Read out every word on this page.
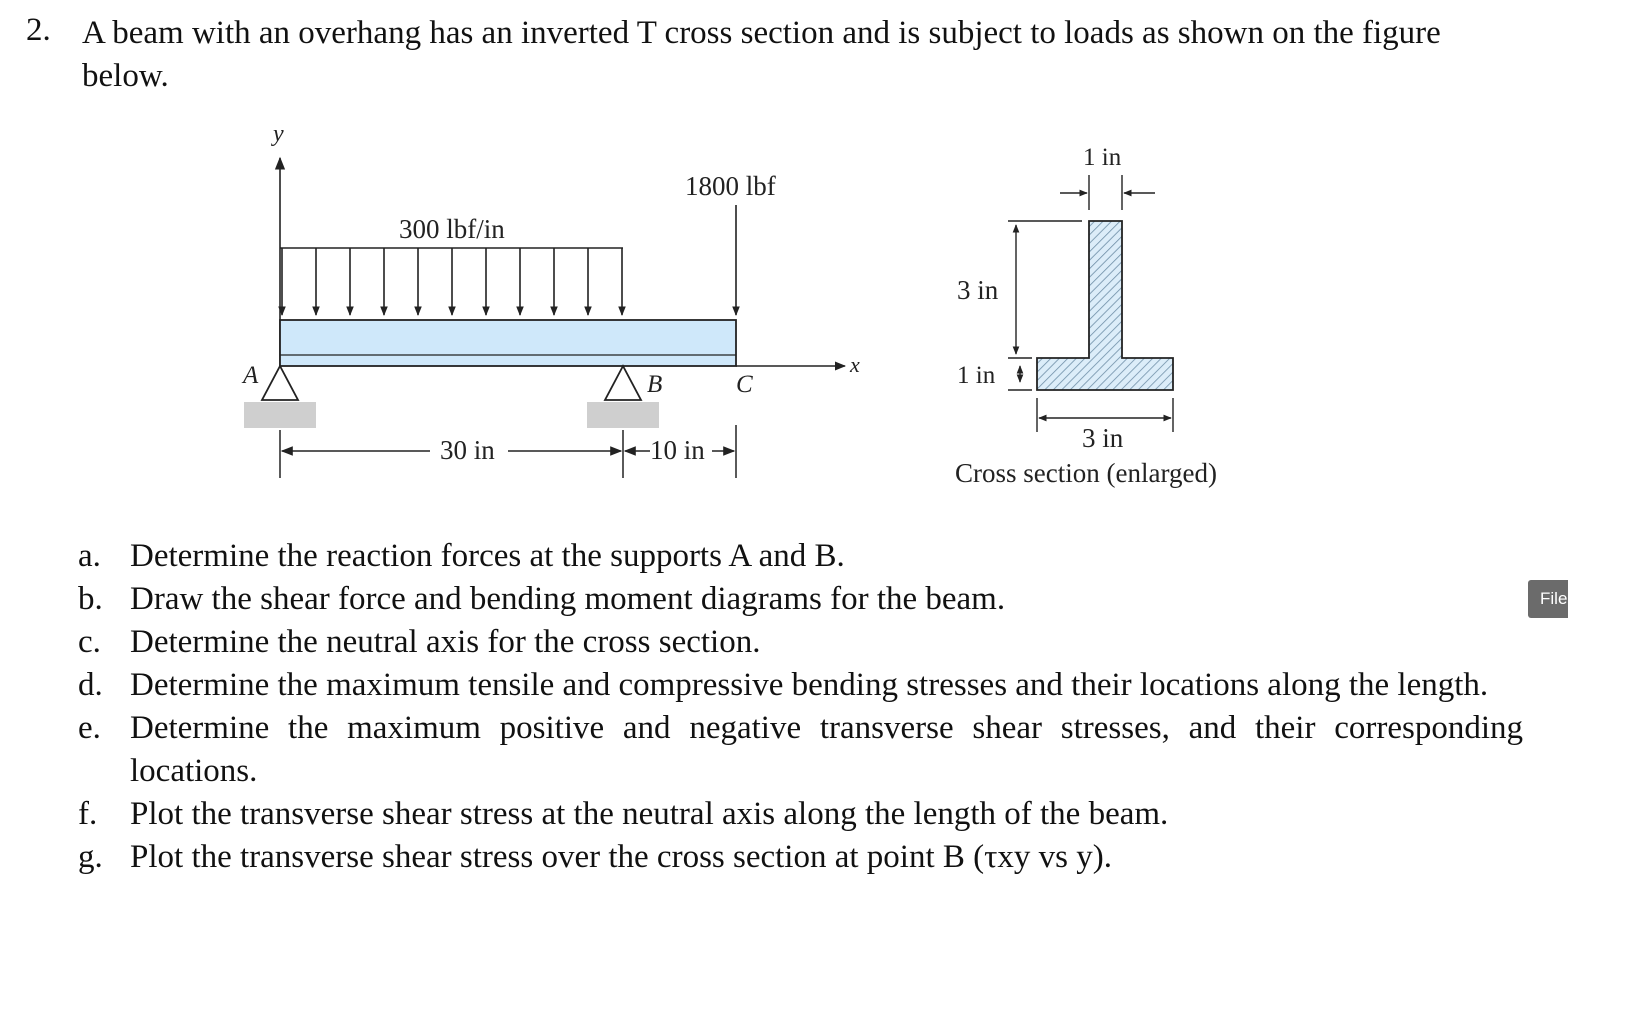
2. A beam with an overhang has an inverted T cross section and is subject to loads as shown on the figure below.
y
x
300 lbf/in
1800 lbf
A	B	C
30 in	10 in
1 in
3 in
1 in
3 in
Cross section (enlarged)
a. Determine the reaction forces at the supports A and B.
b. Draw the shear force and bending moment diagrams for the beam.
c. Determine the neutral axis for the cross section.
d. Determine the maximum tensile and compressive bending stresses and their locations along the length.
e. Determine the maximum positive and negative transverse shear stresses, and their corresponding locations.
f. Plot the transverse shear stress at the neutral axis along the length of the beam.
g. Plot the transverse shear stress over the cross section at point B (τxy vs y).
File
